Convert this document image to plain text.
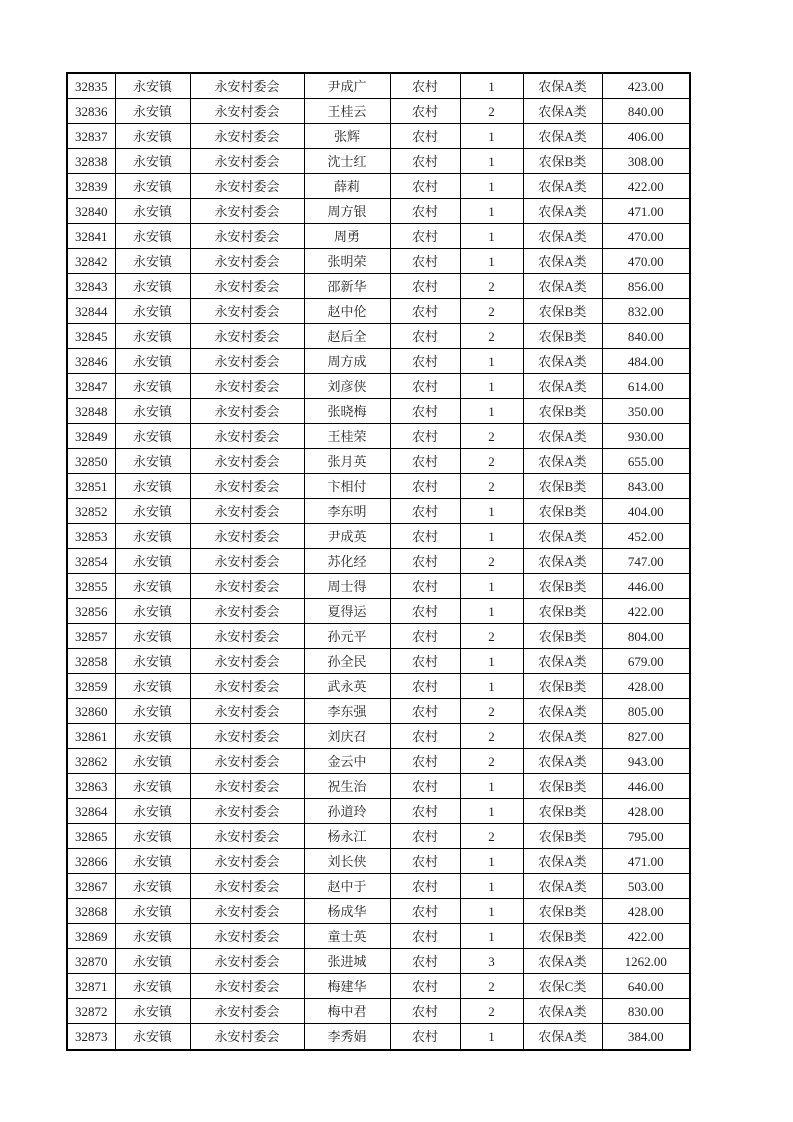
32835	永安镇	永安村委会	尹成广	农村	1	农保A类	423.00
32836	永安镇	永安村委会	王桂云	农村	2	农保A类	840.00
32837	永安镇	永安村委会	张辉	农村	1	农保A类	406.00
32838	永安镇	永安村委会	沈士红	农村	1	农保B类	308.00
32839	永安镇	永安村委会	薛莉	农村	1	农保A类	422.00
32840	永安镇	永安村委会	周方银	农村	1	农保A类	471.00
32841	永安镇	永安村委会	周勇	农村	1	农保A类	470.00
32842	永安镇	永安村委会	张明荣	农村	1	农保A类	470.00
32843	永安镇	永安村委会	邵新华	农村	2	农保A类	856.00
32844	永安镇	永安村委会	赵中伦	农村	2	农保B类	832.00
32845	永安镇	永安村委会	赵后全	农村	2	农保B类	840.00
32846	永安镇	永安村委会	周方成	农村	1	农保A类	484.00
32847	永安镇	永安村委会	刘彦侠	农村	1	农保A类	614.00
32848	永安镇	永安村委会	张晓梅	农村	1	农保B类	350.00
32849	永安镇	永安村委会	王桂荣	农村	2	农保A类	930.00
32850	永安镇	永安村委会	张月英	农村	2	农保A类	655.00
32851	永安镇	永安村委会	卞相付	农村	2	农保B类	843.00
32852	永安镇	永安村委会	李东明	农村	1	农保B类	404.00
32853	永安镇	永安村委会	尹成英	农村	1	农保A类	452.00
32854	永安镇	永安村委会	苏化经	农村	2	农保A类	747.00
32855	永安镇	永安村委会	周士得	农村	1	农保B类	446.00
32856	永安镇	永安村委会	夏得运	农村	1	农保B类	422.00
32857	永安镇	永安村委会	孙元平	农村	2	农保B类	804.00
32858	永安镇	永安村委会	孙全民	农村	1	农保A类	679.00
32859	永安镇	永安村委会	武永英	农村	1	农保B类	428.00
32860	永安镇	永安村委会	李东强	农村	2	农保A类	805.00
32861	永安镇	永安村委会	刘庆召	农村	2	农保A类	827.00
32862	永安镇	永安村委会	金云中	农村	2	农保A类	943.00
32863	永安镇	永安村委会	祝生治	农村	1	农保B类	446.00
32864	永安镇	永安村委会	孙道玲	农村	1	农保B类	428.00
32865	永安镇	永安村委会	杨永江	农村	2	农保B类	795.00
32866	永安镇	永安村委会	刘长侠	农村	1	农保A类	471.00
32867	永安镇	永安村委会	赵中于	农村	1	农保A类	503.00
32868	永安镇	永安村委会	杨成华	农村	1	农保B类	428.00
32869	永安镇	永安村委会	童士英	农村	1	农保B类	422.00
32870	永安镇	永安村委会	张进城	农村	3	农保A类	1262.00
32871	永安镇	永安村委会	梅建华	农村	2	农保C类	640.00
32872	永安镇	永安村委会	梅中君	农村	2	农保A类	830.00
32873	永安镇	永安村委会	李秀娟	农村	1	农保A类	384.00
